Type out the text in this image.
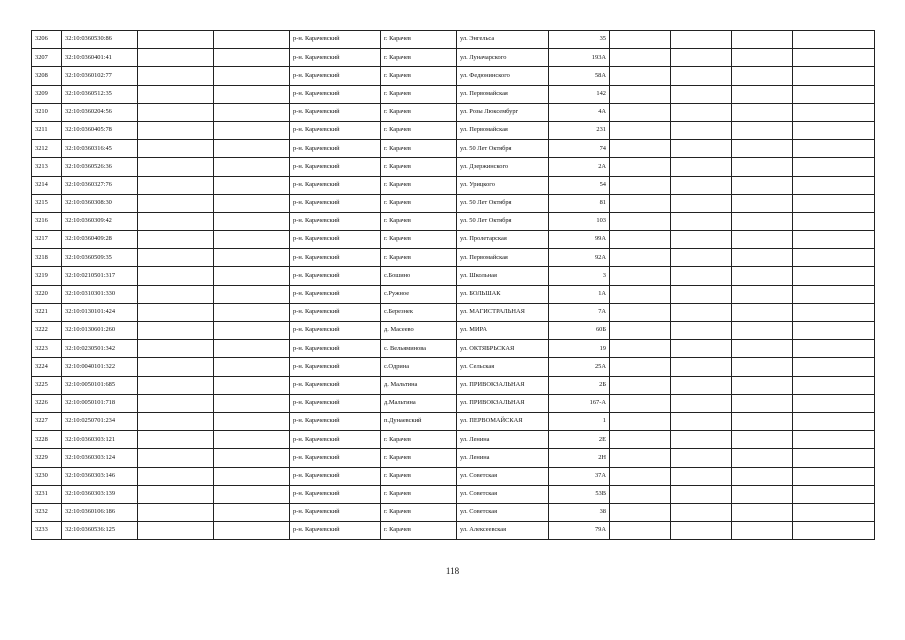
3206	32:10:0360530:86			р-н. Карачевский	г. Карачев	ул. Энгельса	35				
3207	32:10:0360401:41			р-н. Карачевский	г. Карачев	ул. Луначарского	193А				
3208	32:10:0360102:77			р-н. Карачевский	г. Карачев	ул. Федюнинского	58А				
3209	32:10:0360512:35			р-н. Карачевский	г. Карачев	ул. Первомайская	142				
3210	32:10:0360204:56			р-н. Карачевский	г. Карачев	ул. Розы Люксембург	4А				
3211	32:10:0360405:78			р-н. Карачевский	г. Карачев	ул. Первомайская	231				
3212	32:10:0360316:45			р-н. Карачевский	г. Карачев	ул. 50 Лет Октября	74				
3213	32:10:0360526:36			р-н. Карачевский	г. Карачев	ул. Дзержинского	2А				
3214	32:10:0360327:76			р-н. Карачевский	г. Карачев	ул. Урицкого	54				
3215	32:10:0360308:30			р-н. Карачевский	г. Карачев	ул. 50 Лет Октября	81				
3216	32:10:0360309:42			р-н. Карачевский	г. Карачев	ул. 50 Лет Октября	103				
3217	32:10:0360409:28			р-н. Карачевский	г. Карачев	ул. Пролетарская	99А				
3218	32:10:0360509:35			р-н. Карачевский	г. Карачев	ул. Первомайская	92А				
3219	32:10:0210501:317			р-н. Карачевский	с.Бошино	ул. Школьная	3				
3220	32:10:0310301:330			р-н. Карачевский	с.Ружное	ул. БОЛЬШАК	1А				
3221	32:10:0130101:424			р-н. Карачевский	с.Березнек	ул. МАГИСТРАЛЬНАЯ	7А				
3222	32:10:0130601:260			р-н. Карачевский	д. Масеево	ул. МИРА	60Б				
3223	32:10:0230501:342			р-н. Карачевский	с. Вельяминова	ул. ОКТЯБРЬСКАЯ	19				
3224	32:10:0040101:322			р-н. Карачевский	с.Одрина	ул. Сельская	25А				
3225	32:10:0050101:685			р-н. Карачевский	д. Мальтина	ул. ПРИВОКЗАЛЬНАЯ	2Б				
3226	32:10:0050101:718			р-н. Карачевский	д.Мальтина	ул. ПРИВОКЗАЛЬНАЯ	167-А				
3227	32:10:0250701:234			р-н. Карачевский	п.Дунаевский	ул. ПЕРВОМАЙСКАЯ	1				
3228	32:10:0360303:121			р-н. Карачевский	г. Карачев	ул. Ленина	2Е				
3229	32:10:0360303:124			р-н. Карачевский	г. Карачев	ул. Ленина	2Н				
3230	32:10:0360303:146			р-н. Карачевский	г. Карачев	ул. Советская	37А				
3231	32:10:0360303:139			р-н. Карачевский	г. Карачев	ул. Советская	53В				
3232	32:10:0360106:186			р-н. Карачевский	г. Карачев	ул. Советская	38				
3233	32:10:0360536:125			р-н. Карачевский	г. Карачев	ул. Алексеевская	79А				
118
